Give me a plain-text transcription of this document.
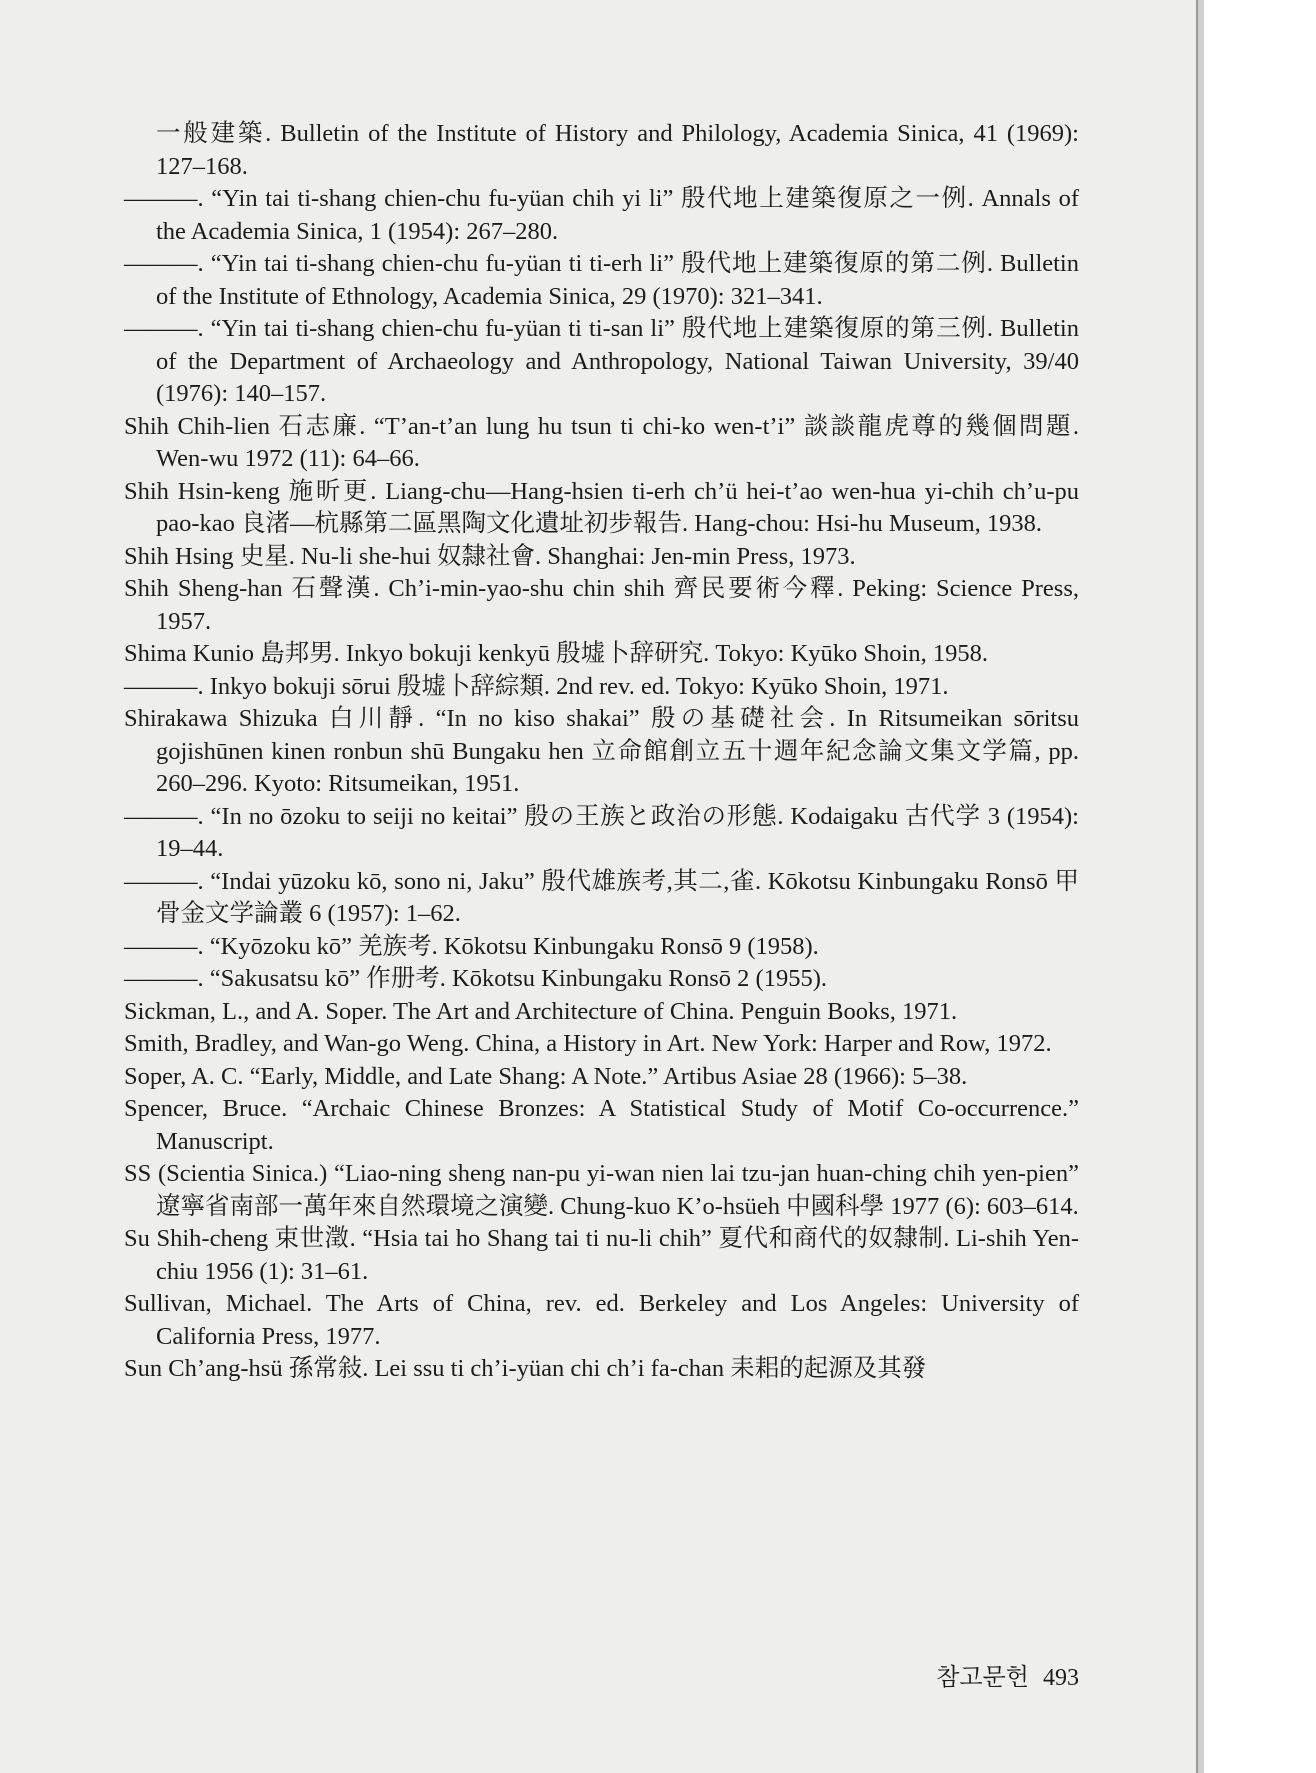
一般建築. Bulletin of the Institute of History and Philology, Academia Sinica, 41 (1969): 127–168.

———. “Yin tai ti-shang chien-chu fu-yüan chih yi li” 殷代地上建築復原之一例. Annals of the Academia Sinica, 1 (1954): 267–280.

———. “Yin tai ti-shang chien-chu fu-yüan ti ti-erh li” 殷代地上建築復原的第二例. Bulletin of the Institute of Ethnology, Academia Sinica, 29 (1970): 321–341.

———. “Yin tai ti-shang chien-chu fu-yüan ti ti-san li” 殷代地上建築復原的第三例. Bulletin of the Department of Archaeology and Anthropology, National Taiwan University, 39/40 (1976): 140–157.

Shih Chih-lien 石志廉. “T’an-t’an lung hu tsun ti chi-ko wen-t’i” 談談龍虎尊的幾個問題. Wen-wu 1972 (11): 64–66.

Shih Hsin-keng 施昕更. Liang-chu—Hang-hsien ti-erh ch’ü hei-t’ao wen-hua yi-chih ch’u-pu pao-kao 良渚—杭縣第二區黑陶文化遺址初步報告. Hang-chou: Hsi-hu Museum, 1938.

Shih Hsing 史星. Nu-li she-hui 奴隸社會. Shanghai: Jen-min Press, 1973.

Shih Sheng-han 石聲漢. Ch’i-min-yao-shu chin shih 齊民要術今釋. Peking: Science Press, 1957.

Shima Kunio 島邦男. Inkyo bokuji kenkyū 殷墟卜辞研究. Tokyo: Kyūko Shoin, 1958.

———. Inkyo bokuji sōrui 殷墟卜辞綜類. 2nd rev. ed. Tokyo: Kyūko Shoin, 1971.

Shirakawa Shizuka 白川靜. “In no kiso shakai” 殷の基礎社会. In Ritsumeikan sōritsu gojishūnen kinen ronbun shū Bungaku hen 立命館創立五十週年紀念論文集文学篇, pp. 260–296. Kyoto: Ritsumeikan, 1951.

———. “In no ōzoku to seiji no keitai” 殷の王族と政治の形態. Kodaigaku 古代学 3 (1954): 19–44.

———. “Indai yūzoku kō, sono ni, Jaku” 殷代雄族考,其二,雀. Kōkotsu Kinbungaku Ronsō 甲骨金文学論叢 6 (1957): 1–62.

———. “Kyōzoku kō” 羌族考. Kōkotsu Kinbungaku Ronsō 9 (1958).

———. “Sakusatsu kō” 作册考. Kōkotsu Kinbungaku Ronsō 2 (1955).

Sickman, L., and A. Soper. The Art and Architecture of China. Penguin Books, 1971.

Smith, Bradley, and Wan-go Weng. China, a History in Art. New York: Harper and Row, 1972.

Soper, A. C. “Early, Middle, and Late Shang: A Note.” Artibus Asiae 28 (1966): 5–38.

Spencer, Bruce. “Archaic Chinese Bronzes: A Statistical Study of Motif Co-occurrence.” Manuscript.

SS (Scientia Sinica.) “Liao-ning sheng nan-pu yi-wan nien lai tzu-jan huan-ching chih yen-pien” 遼寧省南部一萬年來自然環境之演變. Chung-kuo K’o-hsüeh 中國科學 1977 (6): 603–614.

Su Shih-cheng 束世澂. “Hsia tai ho Shang tai ti nu-li chih” 夏代和商代的奴隸制. Li-shih Yen-chiu 1956 (1): 31–61.

Sullivan, Michael. The Arts of China, rev. ed. Berkeley and Los Angeles: University of California Press, 1977.

Sun Ch’ang-hsü 孫常敍. Lei ssu ti ch’i-yüan chi ch’i fa-chan 耒耜的起源及其發

참고문헌 493
